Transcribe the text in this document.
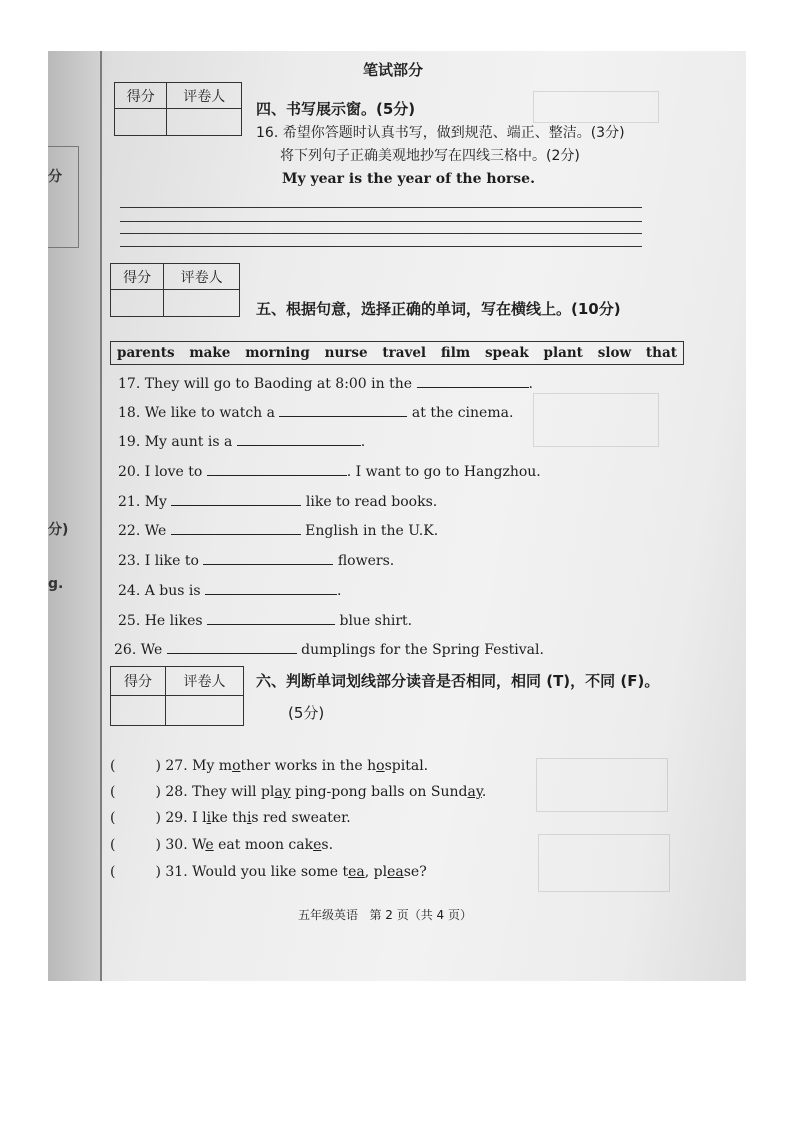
分
分)
g.
笔试部分
得分	评卷人
四、书写展示窗。(5分)
16. 希望你答题时认真书写，做到规范、端正、整洁。(3分)
将下列句子正确美观地抄写在四线三格中。(2分)
My year is the year of the horse.
得分	评卷人
五、根据句意，选择正确的单词，写在横线上。(10分)
parents make morning nurse travel film speak plant slow that
17. They will go to Baoding at 8:00 in the	.
18. We like to watch a	at the cinema.
19. My aunt is a	.
20. I love to	. I want to go to Hangzhou.
21. My	like to read books.
22. We	English in the U.K.
23. I like to	flowers.
24. A bus is	.
25. He likes	blue shirt.
26. We	dumplings for the Spring Festival.
得分	评卷人	六、判断单词划线部分读音是否相同，相同 (T)，不同 (F)。
(5分)
(	) 27. My mother works in the hospital.
(	) 28. They will play ping-pong balls on Sunday.
(	) 29. I like this red sweater.
(	) 30. We eat moon cakes.
(	) 31. Would you like some tea, please?
五年级英语   第 2 页（共 4 页）
